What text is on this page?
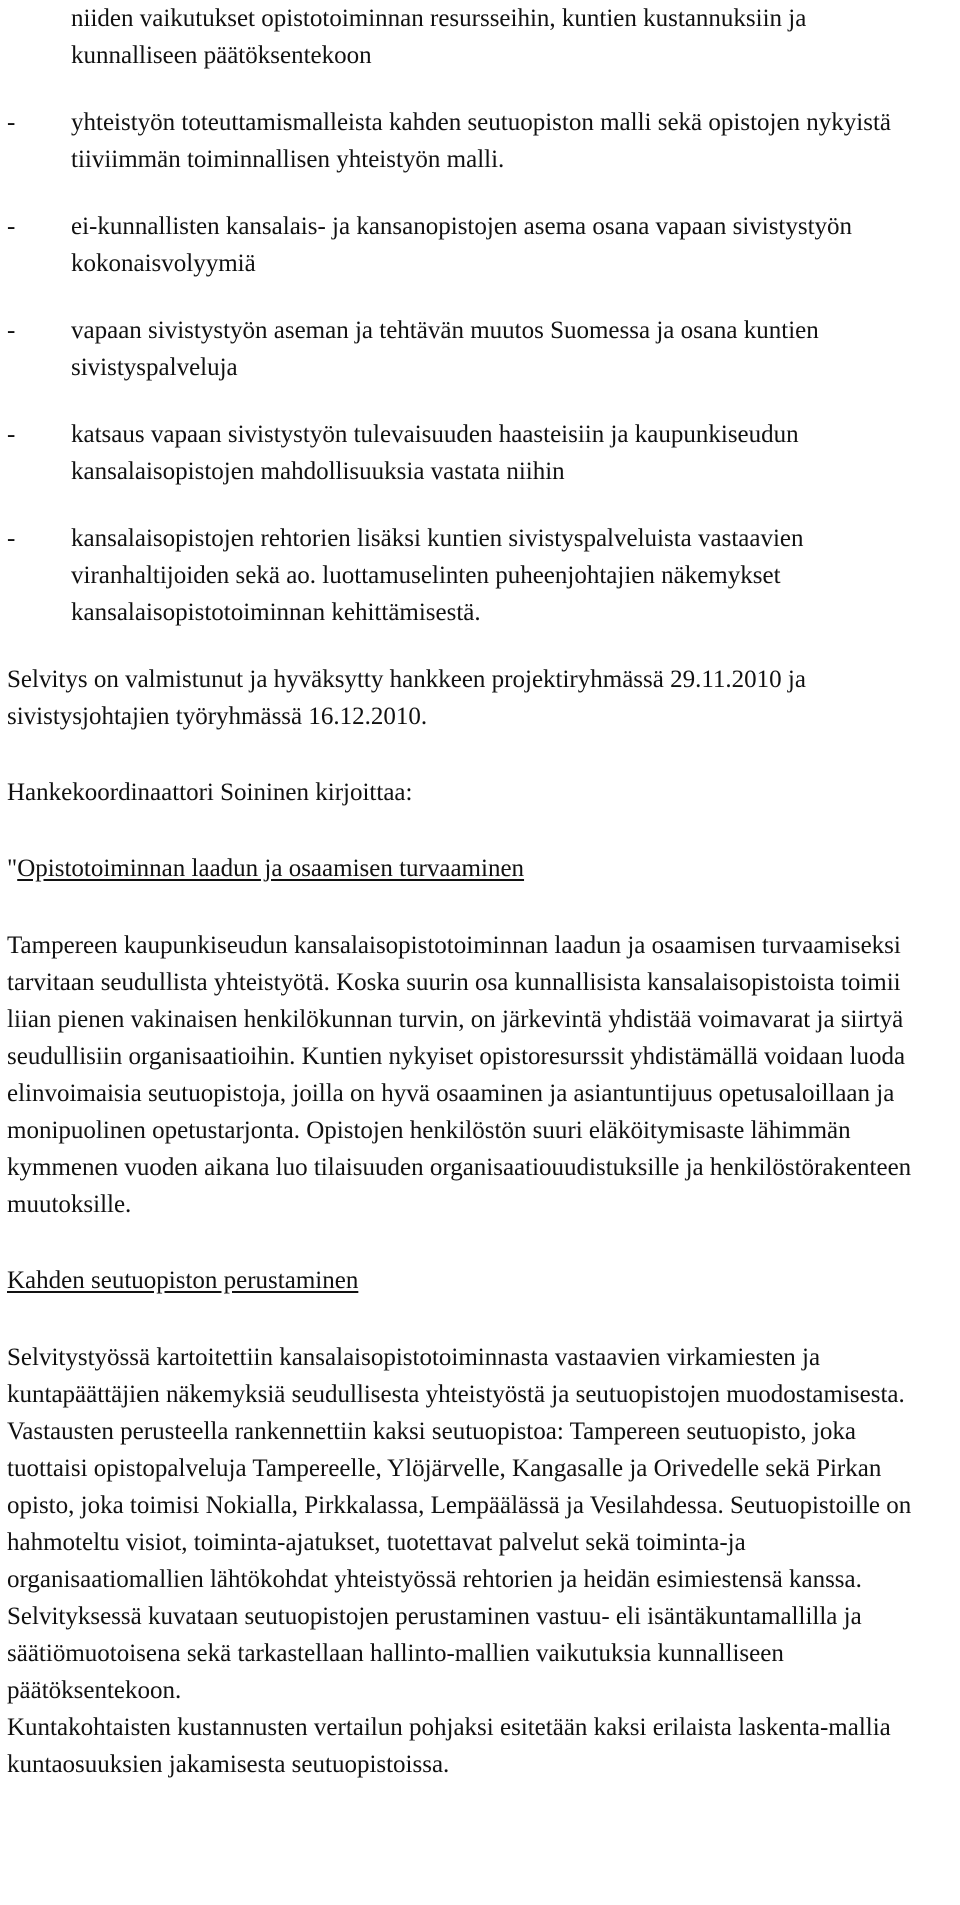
niiden vaikutukset opistotoiminnan resursseihin, kuntien kustannuksiin ja kunnalliseen päätöksentekoon

-	yhteistyön toteuttamismalleista kahden seutuopiston malli sekä opistojen nykyistä tiiviimmän toiminnallisen yhteistyön malli.
-	ei-kunnallisten kansalais- ja kansanopistojen asema osana vapaan sivistystyön kokonaisvolyymiä
-	vapaan sivistystyön aseman ja tehtävän muutos Suomessa ja osana kuntien sivistyspalveluja
-	katsaus vapaan sivistystyön tulevaisuuden haasteisiin ja kaupunkiseudun kansalaisopistojen mahdollisuuksia vastata niihin
-	kansalaisopistojen rehtorien lisäksi kuntien sivistyspalveluista vastaavien viranhaltijoiden sekä ao. luottamuselinten puheenjohtajien näkemykset kansalaisopistotoiminnan kehittämisestä.

Selvitys on valmistunut ja hyväksytty hankkeen projektiryhmässä 29.11.2010 ja sivistysjohtajien työryhmässä 16.12.2010.

Hankekoordinaattori Soininen kirjoittaa:

"Opistotoiminnan laadun ja osaamisen turvaaminen

Tampereen kaupunkiseudun kansalaisopistotoiminnan laadun ja osaamisen turvaamiseksi tarvitaan seudullista yhteistyötä. Koska suurin osa kunnallisista kansalaisopistoista toimii liian pienen vakinaisen henkilökunnan turvin, on järkevintä yhdistää voimavarat ja siirtyä seudullisiin organisaatioihin. Kuntien nykyiset opistoresurssit yhdistämällä voidaan luoda elinvoimaisia seutuopistoja, joilla on hyvä osaaminen ja asiantuntijuus opetusaloillaan ja monipuolinen opetustarjonta. Opistojen henkilöstön suuri eläköitymisaste lähimmän kymmenen vuoden aikana luo tilaisuuden organisaatiouudistuksille ja henkilöstörakenteen muutoksille.

Kahden seutuopiston perustaminen

Selvitystyössä kartoitettiin kansalaisopistotoiminnasta vastaavien virkamiesten ja kuntapäättäjien näkemyksiä seudullisesta yhteistyöstä ja seutuopistojen muodostamisesta. Vastausten perusteella rankennettiin kaksi seutuopistoa: Tampereen seutuopisto, joka tuottaisi opistopalveluja Tampereelle, Ylöjärvelle, Kangasalle ja Orivedelle sekä Pirkan opisto, joka toimisi Nokialla, Pirkkalassa, Lempäälässä ja Vesilahdessa. Seutuopistoille on hahmoteltu visiot, toiminta-ajatukset, tuotettavat palvelut sekä toiminta-ja organisaatiomallien lähtökohdat yhteistyössä rehtorien ja heidän esimiestensä kanssa. Selvityksessä kuvataan seutuopistojen perustaminen vastuu- eli isäntäkuntamallilla ja säätiömuotoisena sekä tarkastellaan hallinto-mallien vaikutuksia kunnalliseen päätöksentekoon.

Kuntakohtaisten kustannusten vertailun pohjaksi esitetään kaksi erilaista laskenta-mallia kuntaosuuksien jakamisesta seutuopistoissa.
